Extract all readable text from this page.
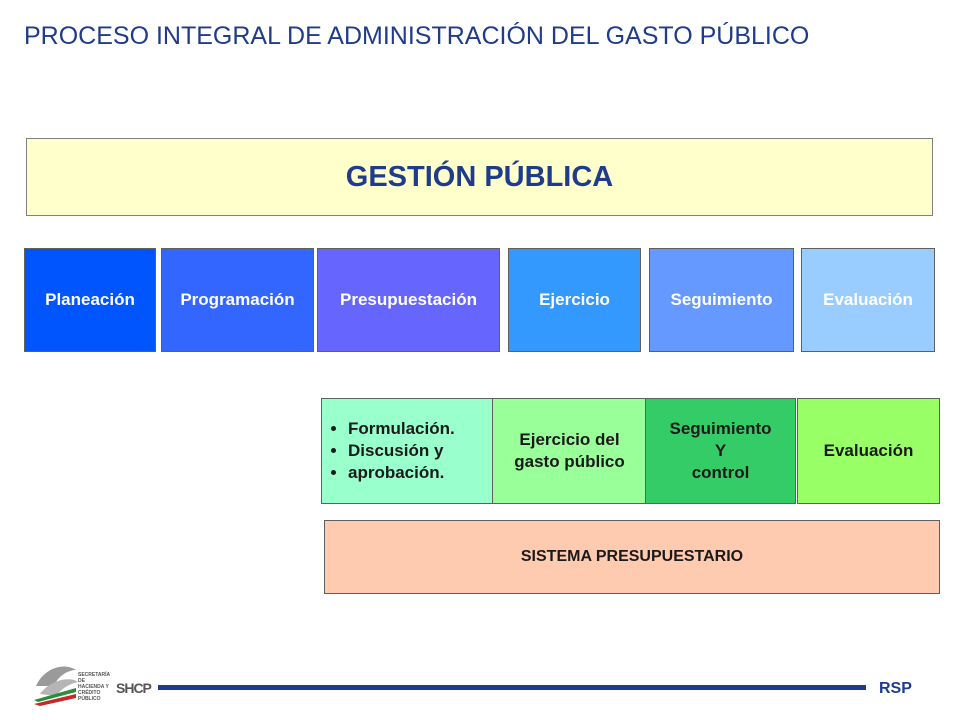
PROCESO INTEGRAL DE ADMINISTRACIÓN DEL GASTO PÚBLICO
GESTIÓN PÚBLICA
Planeación	Programación	Presupuestación	Ejercicio	Seguimiento	Evaluación
• Formulación.
• Discusión y
• aprobación.
Ejercicio del
gasto público
Seguimiento
Y
control
Evaluación
SISTEMA PRESUPUESTARIO
SECRETARÍA DE
HACIENDA Y
CRÉDITO PÚBLICO
SHCP	RSP
